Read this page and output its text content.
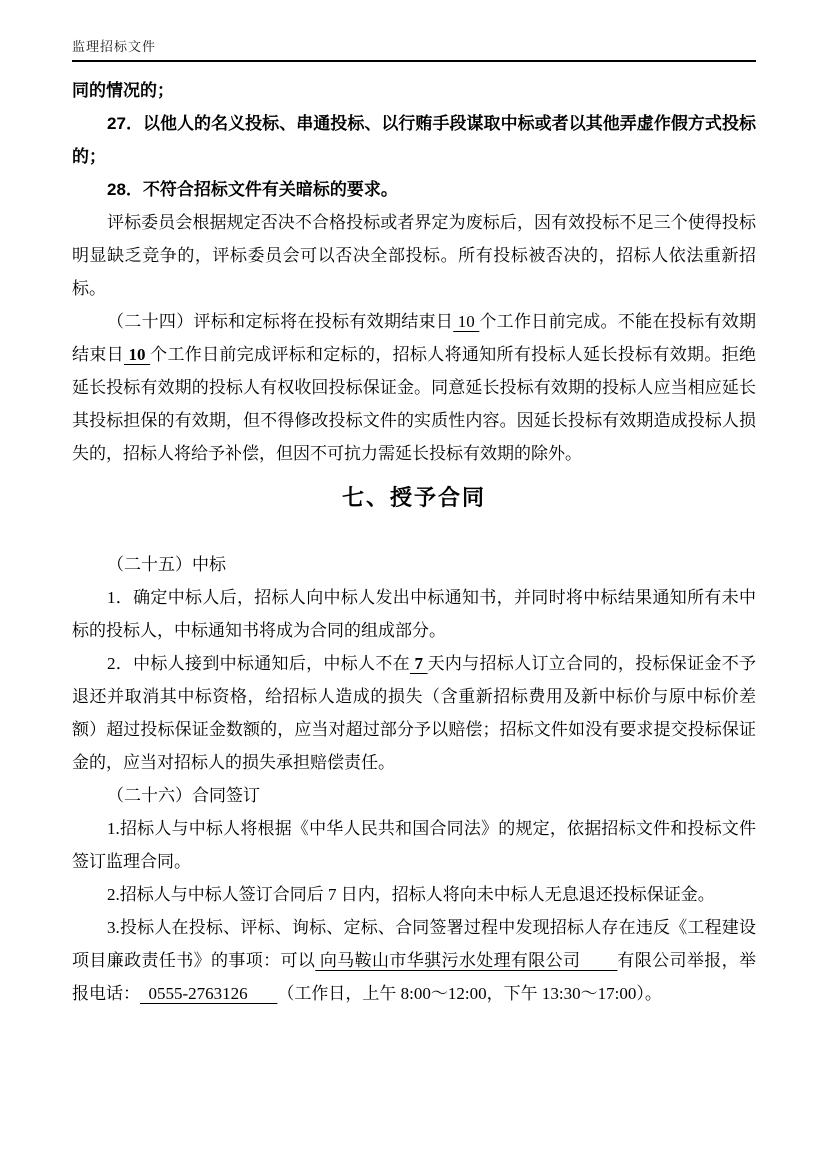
监理招标文件

同的情况的；

27．以他人的名义投标、串通投标、以行贿手段谋取中标或者以其他弄虚作假方式投标的；

28．不符合招标文件有关暗标的要求。

评标委员会根据规定否决不合格投标或者界定为废标后，因有效投标不足三个使得投标明显缺乏竞争的，评标委员会可以否决全部投标。所有投标被否决的，招标人依法重新招标。

（二十四）评标和定标将在投标有效期结束日 10 个工作日前完成。不能在投标有效期结束日 10 个工作日前完成评标和定标的，招标人将通知所有投标人延长投标有效期。拒绝延长投标有效期的投标人有权收回投标保证金。同意延长投标有效期的投标人应当相应延长其投标担保的有效期，但不得修改投标文件的实质性内容。因延长投标有效期造成投标人损失的，招标人将给予补偿，但因不可抗力需延长投标有效期的除外。

七、授予合同

（二十五）中标

1．确定中标人后，招标人向中标人发出中标通知书，并同时将中标结果通知所有未中标的投标人，中标通知书将成为合同的组成部分。

2．中标人接到中标通知后，中标人不在 7 天内与招标人订立合同的，投标保证金不予退还并取消其中标资格，给招标人造成的损失（含重新招标费用及新中标价与原中标价差额）超过投标保证金数额的，应当对超过部分予以赔偿；招标文件如没有要求提交投标保证金的，应当对招标人的损失承担赔偿责任。

（二十六）合同签订

1.招标人与中标人将根据《中华人民共和国合同法》的规定，依据招标文件和投标文件签订监理合同。

2.招标人与中标人签订合同后 7 日内，招标人将向未中标人无息退还投标保证金。

3.投标人在投标、评标、询标、定标、合同签署过程中发现招标人存在违反《工程建设项目廉政责任书》的事项：可以 向马鞍山市华骐污水处理有限公司        有限公司举报，举报电话：  0555-2763126       （工作日，上午 8:00～12:00，下午 13:30～17:00）。
